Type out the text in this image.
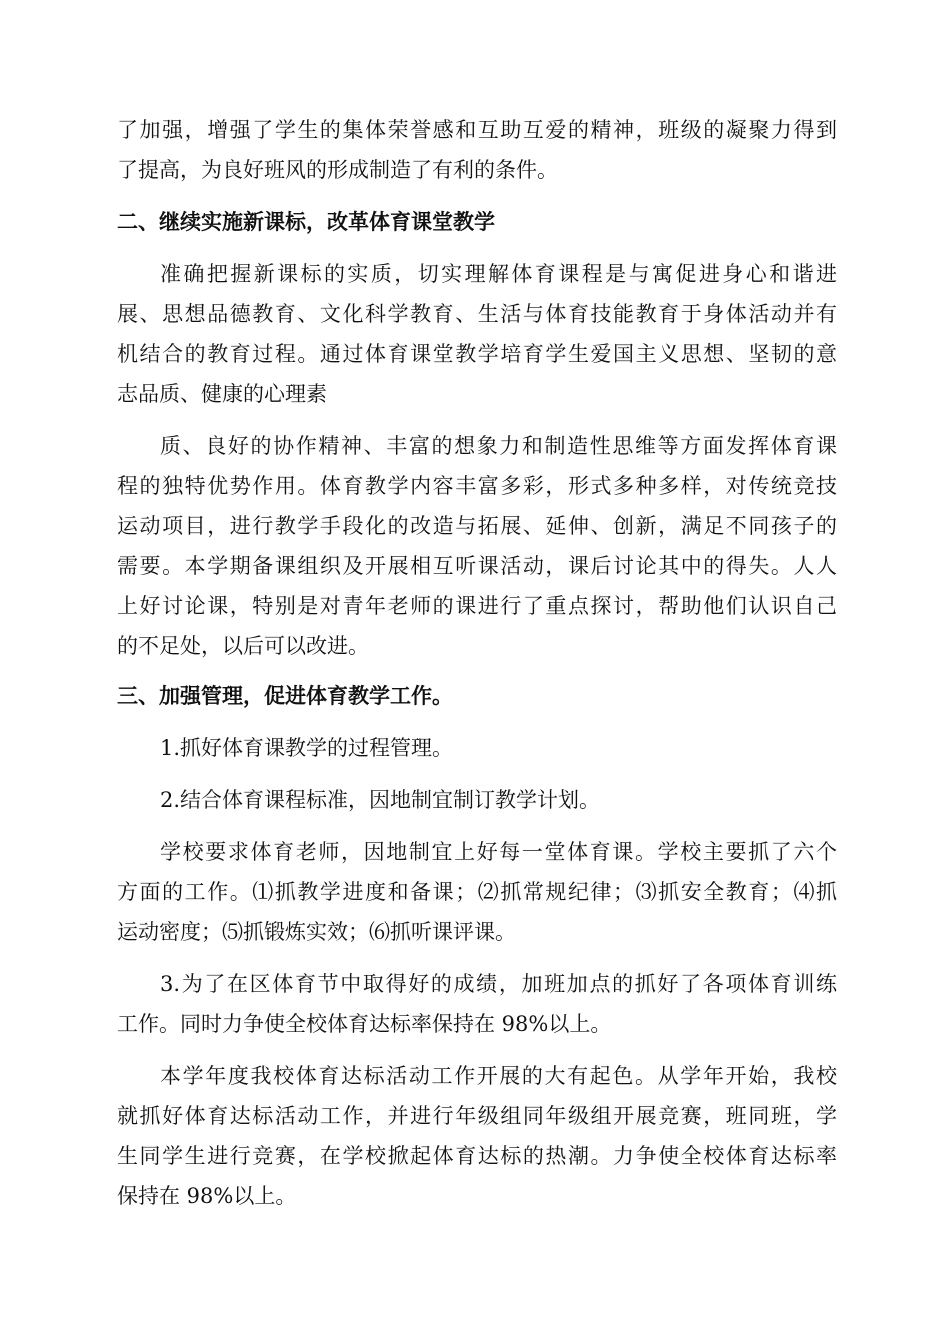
了加强，增强了学生的集体荣誉感和互助互爱的精神，班级的凝聚力得到
了提高，为良好班风的形成制造了有利的条件。
二、继续实施新课标，改革体育课堂教学
准确把握新课标的实质，切实理解体育课程是与寓促进身心和谐进
展、思想品德教育、文化科学教育、生活与体育技能教育于身体活动并有
机结合的教育过程。通过体育课堂教学培育学生爱国主义思想、坚韧的意
志品质、健康的心理素
质、良好的协作精神、丰富的想象力和制造性思维等方面发挥体育课
程的独特优势作用。体育教学内容丰富多彩，形式多种多样，对传统竞技
运动项目，进行教学手段化的改造与拓展、延伸、创新，满足不同孩子的
需要。本学期备课组织及开展相互听课活动，课后讨论其中的得失。人人
上好讨论课，特别是对青年老师的课进行了重点探讨，帮助他们认识自己
的不足处，以后可以改进。
三、加强管理，促进体育教学工作。
1.抓好体育课教学的过程管理。
2.结合体育课程标准，因地制宜制订教学计划。
学校要求体育老师，因地制宜上好每一堂体育课。学校主要抓了六个
方面的工作。⑴抓教学进度和备课；⑵抓常规纪律；⑶抓安全教育；⑷抓
运动密度；⑸抓锻炼实效；⑹抓听课评课。
3.为了在区体育节中取得好的成绩，加班加点的抓好了各项体育训练
工作。同时力争使全校体育达标率保持在 98%以上。
本学年度我校体育达标活动工作开展的大有起色。从学年开始，我校
就抓好体育达标活动工作，并进行年级组同年级组开展竞赛，班同班，学
生同学生进行竞赛，在学校掀起体育达标的热潮。力争使全校体育达标率
保持在 98%以上。
